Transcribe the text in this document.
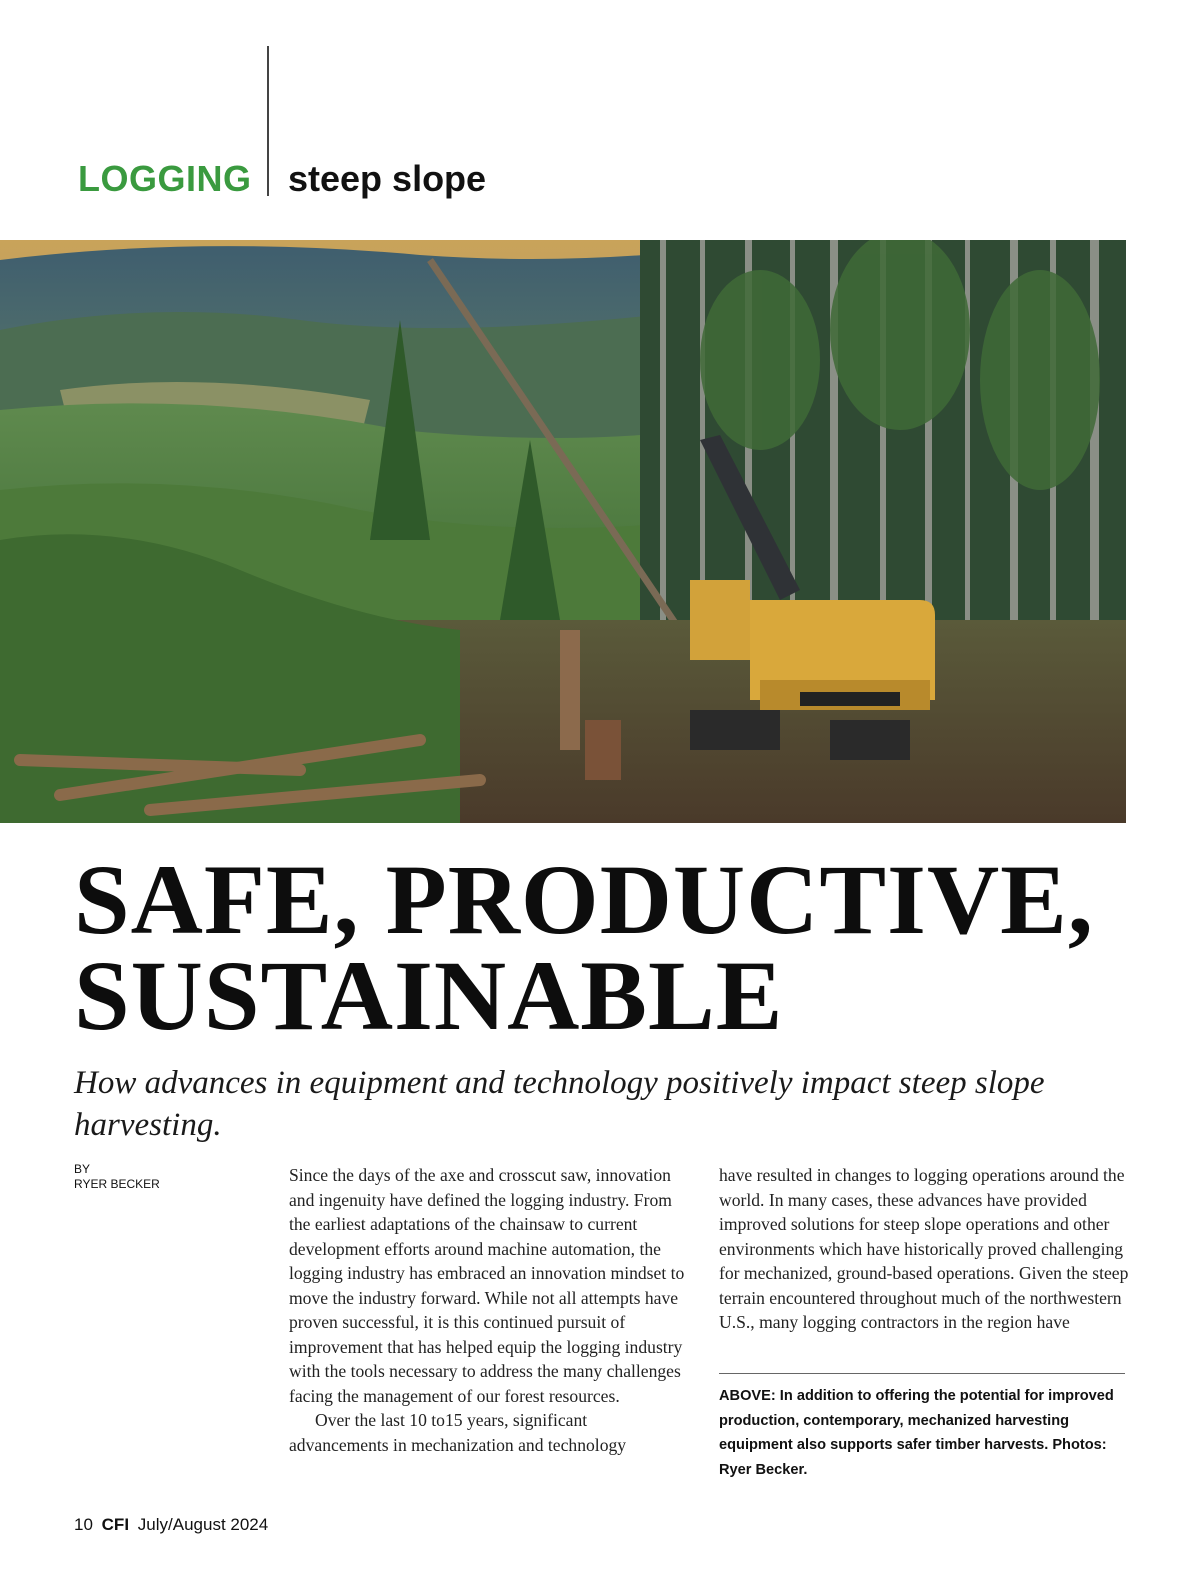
LOGGING steep slope
SAFE, PRODUCTIVE,
SUSTAINABLE
How advances in equipment and technology positively impact steep slope harvesting.
BY
RYER BECKER	Since the days of the axe and crosscut saw, innovation and ingenuity have defined the logging industry. From the earliest adaptations of the chainsaw to current development efforts around machine automation, the logging industry has embraced an innovation mindset to move the industry forward. While not all attempts have proven successful, it is this continued pursuit of improvement that has helped equip the logging industry with the tools necessary to address the many challenges facing the management of our forest resources.

Over the last 10 to15 years, significant advancements in mechanization and technology

have resulted in changes to logging operations around the world. In many cases, these advances have provided improved solutions for steep slope operations and other environments which have historically proved challenging for mechanized, ground-based operations. Given the steep terrain encountered throughout much of the northwestern U.S., many logging contractors in the region have

ABOVE: In addition to offering the potential for improved production, contemporary, mechanized harvesting equipment also supports safer timber harvests. Photos: Ryer Becker.
10 CFI July/August 2024
